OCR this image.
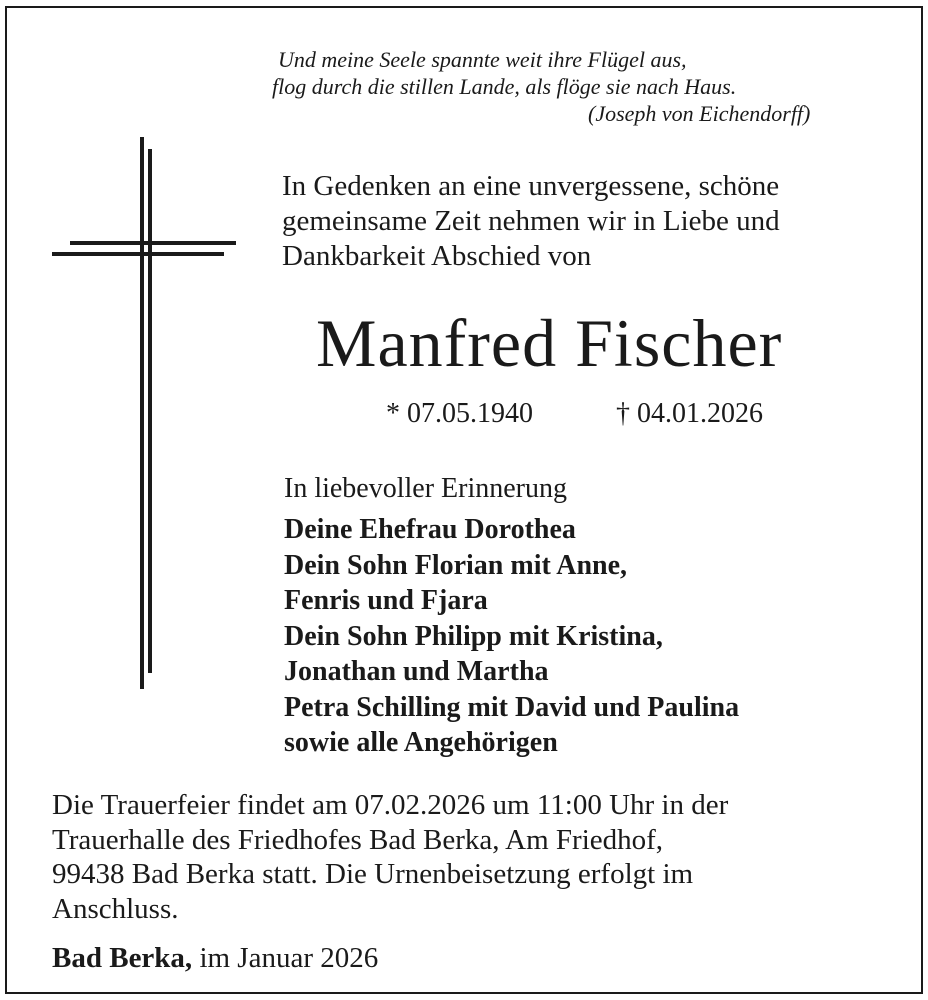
Und meine Seele spannte weit ihre Flügel aus,
flog durch die stillen Lande, als flöge sie nach Haus.
(Joseph von Eichendorff)
In Gedenken an eine unvergessene, schöne
gemeinsame Zeit nehmen wir in Liebe und
Dankbarkeit Abschied von
Manfred Fischer
* 07.05.1940	† 04.01.2026
In liebevoller Erinnerung
Deine Ehefrau Dorothea
Dein Sohn Florian mit Anne,
Fenris und Fjara
Dein Sohn Philipp mit Kristina,
Jonathan und Martha
Petra Schilling mit David und Paulina
sowie alle Angehörigen
Die Trauerfeier findet am 07.02.2026 um 11:00 Uhr in der
Trauerhalle des Friedhofes Bad Berka, Am Friedhof,
99438 Bad Berka statt. Die Urnenbeisetzung erfolgt im
Anschluss.
Bad Berka, im Januar 2026
